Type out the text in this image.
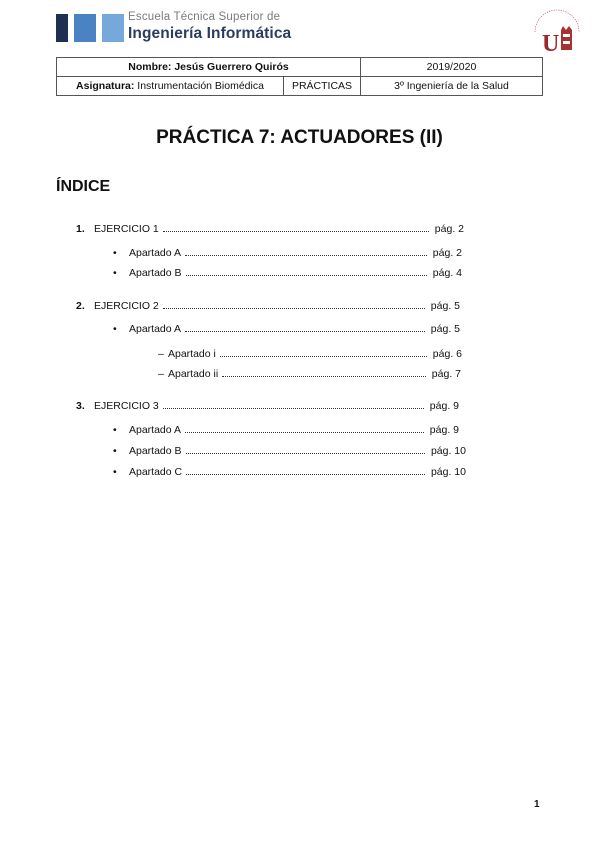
Escuela Técnica Superior de
Ingeniería Informática	U
Nombre: Jesús Guerrero Quirós		2019/2020
Asignatura: Instrumentación Biomédica	PRÁCTICAS	3º Ingeniería de la Salud
PRÁCTICA 7: ACTUADORES (II)
ÍNDICE
1. EJERCICIO 1	pág. 2
•	Apartado A	pág. 2
•	Apartado B	pág. 4
2. EJERCICIO 2	pág. 5
•	Apartado A	pág. 5
– Apartado i	pág. 6
– Apartado ii	pág. 7
3. EJERCICIO 3	pág. 9
•	Apartado A	pág. 9
•	Apartado B	pág. 10
•	Apartado C	pág. 10
1
